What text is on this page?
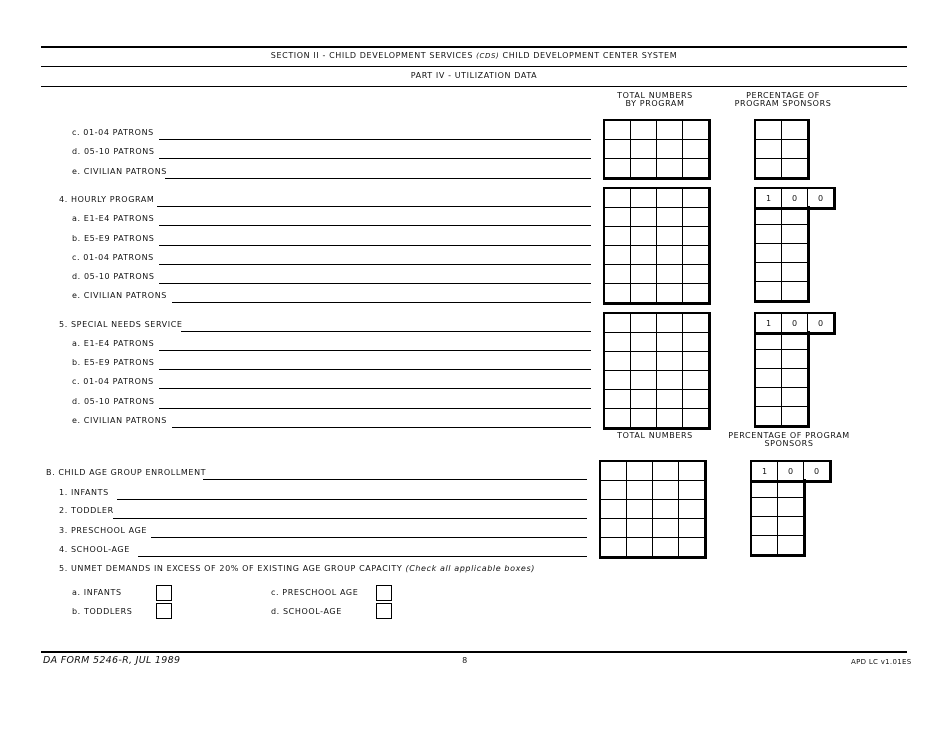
SECTION II - CHILD DEVELOPMENT SERVICES (CDS) CHILD DEVELOPMENT CENTER SYSTEM
PART IV - UTILIZATION DATA
TOTAL NUMBERS
BY PROGRAM
PERCENTAGE OF
PROGRAM SPONSORS
c. 01-04 PATRONS
d. 05-10 PATRONS
e. CIVILIAN PATRONS
4. HOURLY PROGRAM
a. E1-E4 PATRONS
b. E5-E9 PATRONS
c. 01-04 PATRONS
d. 05-10 PATRONS
e. CIVILIAN PATRONS
1	0	0
5. SPECIAL NEEDS SERVICE
a. E1-E4 PATRONS
b. E5-E9 PATRONS
c. 01-04 PATRONS
d. 05-10 PATRONS
e. CIVILIAN PATRONS
1	0	0
TOTAL NUMBERS	PERCENTAGE OF PROGRAM
SPONSORS
B. CHILD AGE GROUP ENROLLMENT
1. INFANTS
2. TODDLER
3. PRESCHOOL AGE
4. SCHOOL-AGE
1	0	0
5. UNMET DEMANDS IN EXCESS OF 20% OF EXISTING AGE GROUP CAPACITY (Check all applicable boxes)
a. INFANTS
b. TODDLERS
c. PRESCHOOL AGE
d. SCHOOL-AGE
DA FORM 5246-R, JUL 1989	8	APD LC v1.01ES
